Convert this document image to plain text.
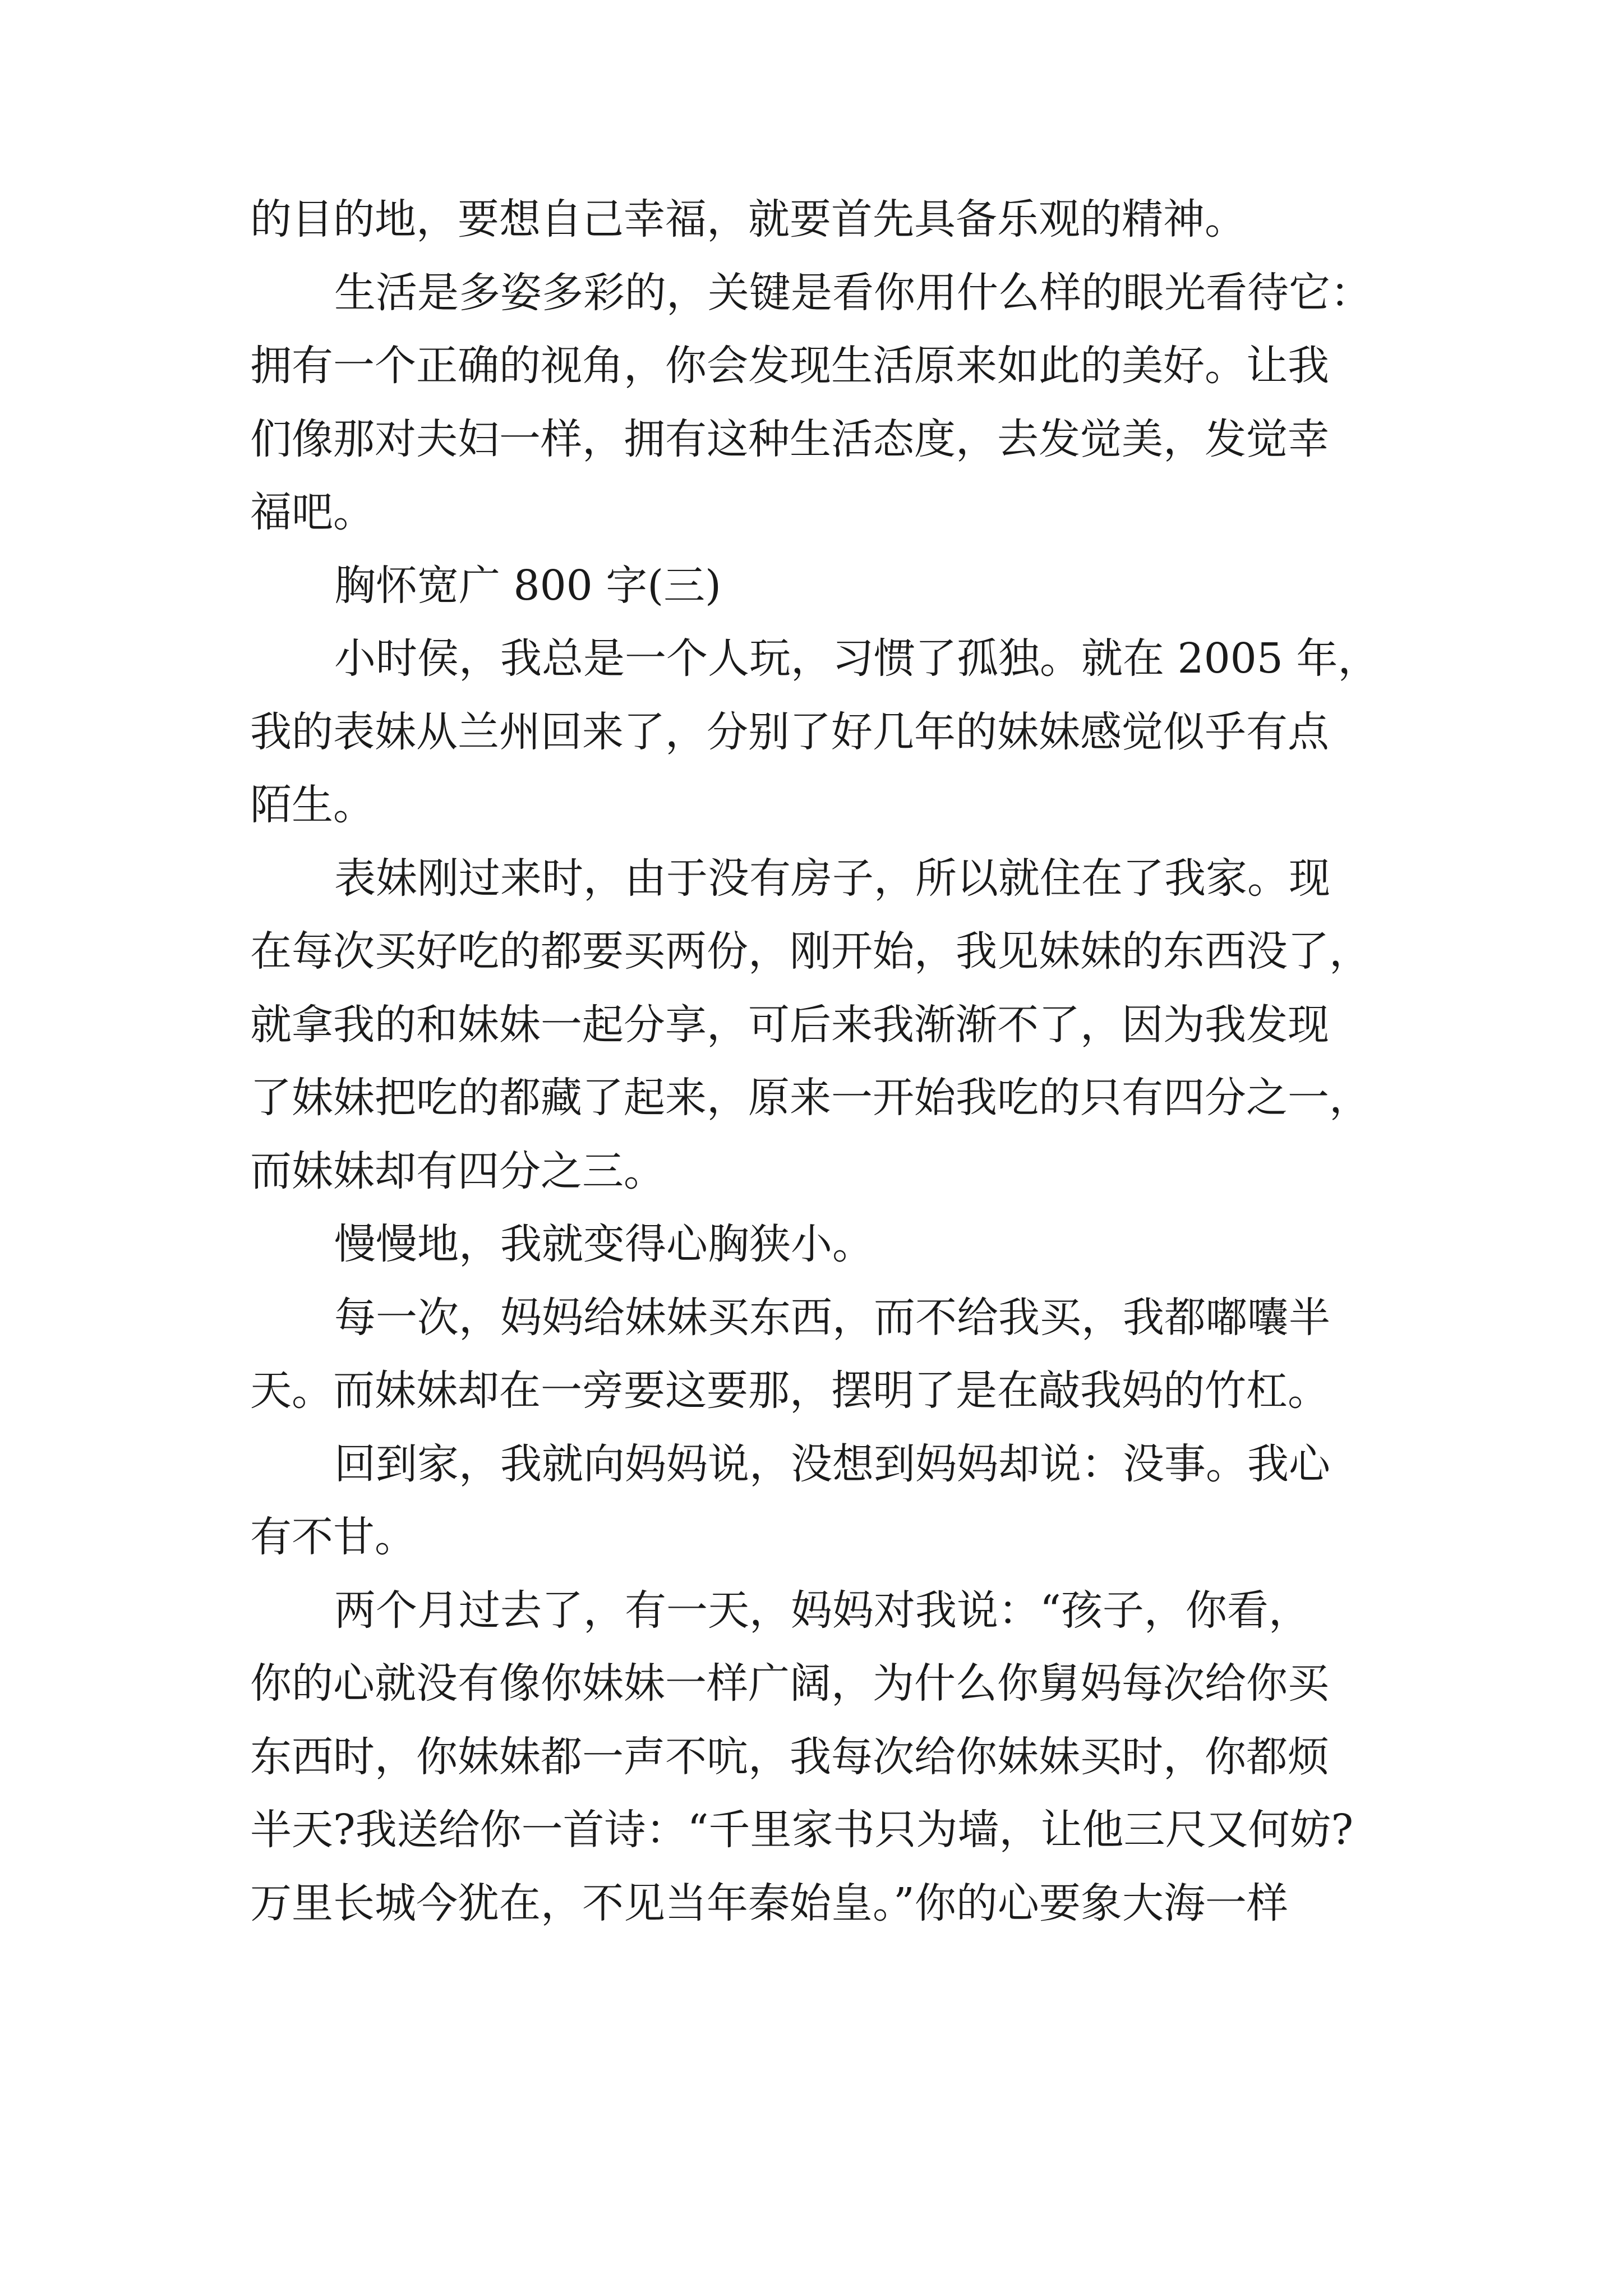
的目的地，要想自己幸福，就要首先具备乐观的精神。
生活是多姿多彩的，关键是看你用什么样的眼光看待它：
拥有一个正确的视角，你会发现生活原来如此的美好。让我
们像那对夫妇一样，拥有这种生活态度，去发觉美，发觉幸
福吧。
胸怀宽广 800 字(三)
小时侯，我总是一个人玩，习惯了孤独。就在 2005 年，
我的表妹从兰州回来了，分别了好几年的妹妹感觉似乎有点
陌生。
表妹刚过来时，由于没有房子，所以就住在了我家。现
在每次买好吃的都要买两份，刚开始，我见妹妹的东西没了，
就拿我的和妹妹一起分享，可后来我渐渐不了，因为我发现
了妹妹把吃的都藏了起来，原来一开始我吃的只有四分之一，
而妹妹却有四分之三。
慢慢地，我就变得心胸狭小。
每一次，妈妈给妹妹买东西，而不给我买，我都嘟囔半
天。而妹妹却在一旁要这要那，摆明了是在敲我妈的竹杠。
回到家，我就向妈妈说，没想到妈妈却说：没事。我心
有不甘。
两个月过去了，有一天，妈妈对我说：“孩子，你看，
你的心就没有像你妹妹一样广阔，为什么你舅妈每次给你买
东西时，你妹妹都一声不吭，我每次给你妹妹买时，你都烦
半天?我送给你一首诗：“千里家书只为墙，让他三尺又何妨?
万里长城今犹在，不见当年秦始皇。”你的心要象大海一样
